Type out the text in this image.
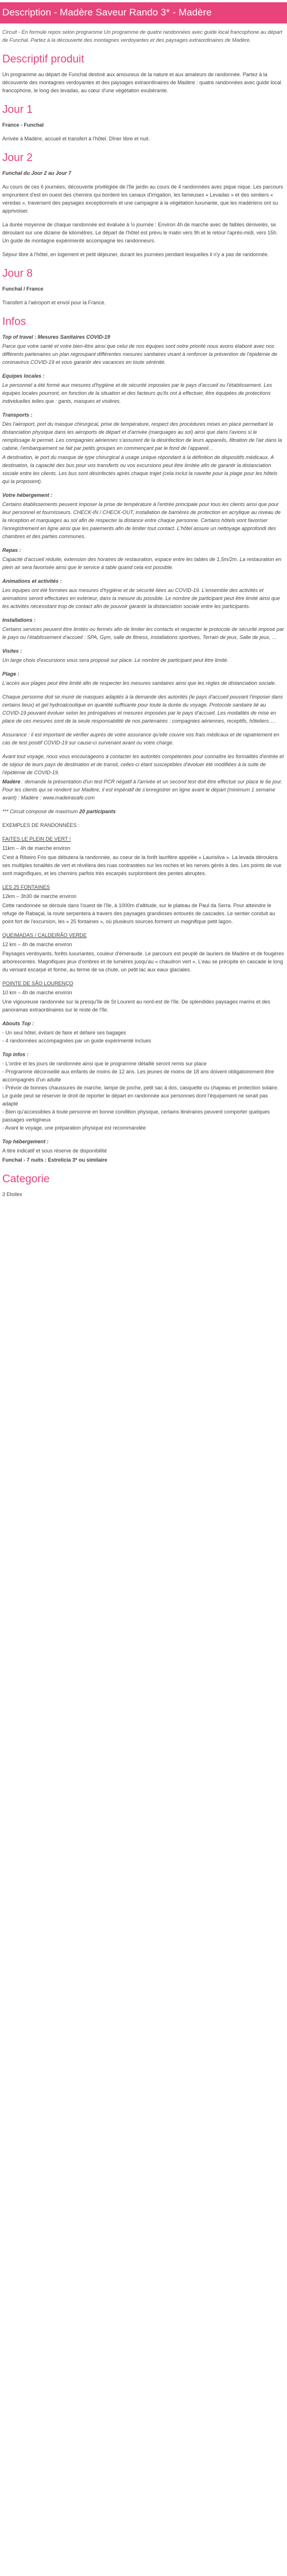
Description - Madère Saveur Rando 3* - Madère

Circuit - En formule repos selon programme Un programme de quatre randonnées avec guide local francophone au départ de Funchal. Partez à la découverte des montagnes verdoyantes et des paysages extraordinaires de Madère.

Descriptif produit

Un programme au départ de Funchal destiné aux amoureux de la nature et aux amateurs de randonnée. Partez à la découverte des montagnes verdoyantes et des paysages extraordinaires de Madère : quatre randonnées avec guide local francophone, le long des levadas, au cœur d'une végétation exubérante.

Jour 1

France - Funchal

Arrivée à Madère, accueil et transfert à l'hôtel. Dîner libre et nuit.

Jour 2

Funchal du Jour 2 au Jour 7

Au cours de ces 6 journées, découverte privilégiée de l'île jardin au cours de 4 randonnées avec pique nique. Les parcours empruntent d'est en ouest des chemins qui bordent les canaux d'irrigation, les fameuses « Levadas » et des sentiers « veredas », traversent des paysages exceptionnels et une campagne à la végétation luxuriante, que les madériens ont su apprivoiser.

La durée moyenne de chaque randonnée est évaluée à ½ journée : Environ 4h de marche avec de faibles dénivelés, se déroulant sur une dizaine de kilomètres. Le départ de l'hôtel est prévu le matin vers 9h et le retour l'après-midi, vers 15h. Un guide de montagne expérimenté accompagne les randonneurs.

Séjour libre à l'hôtel, en logement et petit déjeuner, durant les journées pendant lesquelles il n'y a pas de randonnée.

Jour 8

Funchal / France

Transfert à l'aéroport et envol pour la France.

Infos

Top of travel : Mesures Sanitaires COVID-19

Parce que votre santé et votre bien-être ainsi que celui de nos équipes sont notre priorité nous avons élaboré avec nos différents partenaires un plan regroupant différentes mesures sanitaires visant à renforcer la prévention de l'épidémie de coronavirus COVID-19 et vous garantir des vacances en toute sérénité.

Equipes locales :

Le personnel a été formé aux mesures d'hygiène et de sécurité imposées par le pays d'accueil ou l'établissement. Les équipes locales pourront, en fonction de la situation et des facteurs qu'ils ont à effectuer, être équipées de protections individuelles telles que : gants, masques et visières.

Transports :

Dès l'aéroport, port du masque chirurgical, prise de température, respect des procédures mises en place permettant la distanciation physique dans les aéroports de départ et d'arrivée (marquages au sol) ainsi que dans l'avions si le remplissage le permet. Les compagnies aériennes s'assurent de la désinfection de leurs appareils, filtration de l'air dans la cabine, l'embarquement se fait par petits groupes en commençant par le fond de l'appareil…

A destination, le port du masque de type chirurgical à usage unique répondant à la définition de dispositifs médicaux. A destination, la capacité des bus pour vos transferts ou vos excursions peut être limitée afin de garantir la distanciation sociale entre les clients. Les bus sont désinfectés après chaque trajet (cela inclut la navette pour la plage pour les hôtels qui la proposent).

Votre hébergement :

Certains établissements peuvent imposer la prise de température à l'entrée principale pour tous les clients ainsi que pour leur personnel et fournisseurs. CHECK-IN / CHECK-OUT, installation de barrières de protection en acrylique au niveau de la réception et marquages au sol afin de respecter la distance entre chaque personne. Certains hôtels vont favoriser l'enregistrement en ligne ainsi que les paiements afin de limiter tout contact. L'hôtel assure un nettoyage approfondi des chambres et des parties communes.

Repas :

Capacité d'accueil réduite, extension des horaires de restauration, espace entre les tables de 1,5m/2m. La restauration en plein air sera favorisée ainsi que le service à table quand cela est possible.

Animations et activités :

Les équipes ont été formées aux mesures d'hygiène et de sécurité liées au COVID-19. L'ensemble des activités et animations seront effectuées en extérieur, dans la mesure du possible. Le nombre de participant peut être limité ainsi que les activités nécessitant trop de contact afin de pouvoir garantir la distanciation sociale entre les participants.

Installations :

Certains services peuvent être limités ou fermés afin de limiter les contacts et respecter le protocole de sécurité imposé par le pays ou l'établissement d'accueil : SPA, Gym, salle de fitness, installations sportives, Terrain de jeux, Salle de jeux, …

Visites :

Un large choix d'excursions vous sera proposé sur place. Le nombre de participant peut être limité.

Plage :

L'accès aux plages peut être limité afin de respecter les mesures sanitaires ainsi que les règles de distanciation sociale.

Chaque personne doit se munir de masques adaptés à la demande des autorités (le pays d'accueil pouvant l'imposer dans certains lieux) et gel hydroalcoolique en quantité suffisante pour toute la durée du voyage. Protocole sanitaire lié au COVID-19 pouvant évoluer selon les prérogatives et mesures imposées par le pays d'accueil. Les modalités de mise en place de ces mesures sont de la seule responsabilité de nos partenaires : compagnies aériennes, receptifs, hôteliers….

Assurance : il est important de vérifier auprès de votre assurance qu'elle couvre vos frais médicaux et de rapatriement en cas de test positif COVID-19 sur cause-ci survenant avant ou votre charge.

Avant tout voyage, nous vous encourageons à contacter les autorités compétentes pour connaître les formalités d'entrée et de séjour de leurs pays de destination et de transit, celles-ci étant susceptibles d'évoluer été modifiées à la suite de l'épidémie de COVID-19.

Madère : demande la présentation d'un test PCR négatif à l'arrivée et un second test doit être effectué sur place le 6e jour. Pour les clients qui se rendent sur Madère, il est impératif de s'enregistrer en ligne avant le départ (minimum 1 semaine avant) : Madère : www.madeirasafe.com

*** Circuit composé de maximum 20 participants

EXEMPLES DE RANDONNÉES :

FAITES LE PLEIN DE VERT !

11km – 4h de marche environ

C'est à Ribeiro Frio que débutera la randonnée, au coeur de la forêt laurifère appelée « Laurisilva ». La levada déroulera ses multiples tonalités de vert et révélera des ruas contrastées sur les roches et les nerves gérés à des. Les points de vue sont magnifiques, et les chemins parfois très escarpés surplombent des pentes abruptes.

LES 25 FONTAINES

12km – 3h30 de marche environ

Cette randonnée se déroule dans l'ouest de l'île, à 1000m d'altitude, sur le plateau de Paul da Serra. Pour atteindre le refuge de Rabaçal, la route serpentera à travers des paysages grandioses entourés de cascades. Le sentier conduit au point fort de l'excursion, les « 25 fontaines », où plusieurs sources forment un magnifique petit lagon.

QUEIMADAS / CALDEIRÃO VERDE

12 km – 4h de marche environ

Paysages verdoyants, forêts luxuriantes, couleur d'émeraude. Le parcours est peuplé de lauriers de Madère et de fougères arborescentes. Magnifiques jeux d'ombres et de lumières jusqu'au « chaudron vert ». L'eau se précipite en cascade le long du versant escarpé et forme, au terme de sa chute, un petit lac aux eaux glaciales.

POINTE DE SÃO LOURENÇO

10 km – 4h de marche environ

Une vigoureuse randonnée sur la presqu'île de St Lourent au nord-est de l'île. De splendides paysages marins et des panoramas extraordinaires sur le reste de l'île.

Abouts Top :

- Un seul hôtel, évitant de faire et défaire ses bagages
- 4 randonnées accompagnées par un guide expérimenté inclues

Top infos :

- L'ordre et les jours de randonnée ainsi que le programme détaillé seront remis sur place
- Programme déconseillé aux enfants de moins de 12 ans. Les jeunes de moins de 18 ans doivent obligatoirement être accompagnés d'un adulte
- Prévoir de bonnes chaussures de marche, lampe de poche, petit sac à dos, casquette ou chapeau et protection solaire. Le guide peut se réserver le droit de reporter le départ en randonnée aux personnes dont l'équipement ne serait pas adapté
- Bien qu'accessibles à toute personne en bonne condition physique, certains itinéraires peuvent comporter quelques passages vertigineux
- Avant le voyage, une préparation physique est recommandée

Top hébergement :

A titre indicatif et sous réserve de disponibilité

Funchal - 7 nuits : Estrelicia 3* ou similaire

Categorie

3 Etoiles
